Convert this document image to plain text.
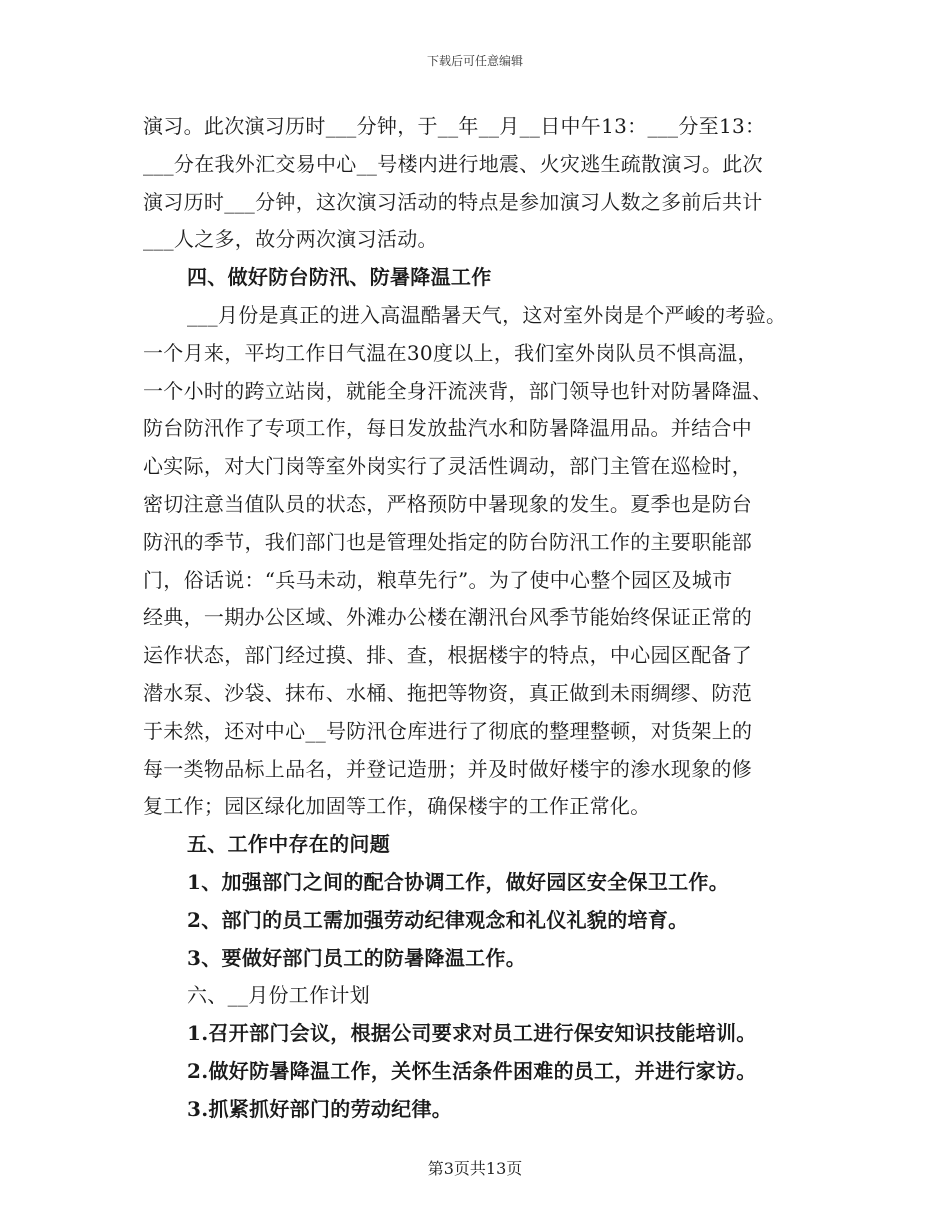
下载后可任意编辑
演习。此次演习历时___分钟，于__年__月__日中午13：___分至13：
___分在我外汇交易中心__号楼内进行地震、火灾逃生疏散演习。此次
演习历时___分钟，这次演习活动的特点是参加演习人数之多前后共计
___人之多，故分两次演习活动。
四、做好防台防汛、防暑降温工作
___月份是真正的进入高温酷暑天气，这对室外岗是个严峻的考验。
一个月来，平均工作日气温在30度以上，我们室外岗队员不惧高温，
一个小时的跨立站岗，就能全身汗流浃背，部门领导也针对防暑降温、
防台防汛作了专项工作，每日发放盐汽水和防暑降温用品。并结合中
心实际，对大门岗等室外岗实行了灵活性调动，部门主管在巡检时，
密切注意当值队员的状态，严格预防中暑现象的发生。夏季也是防台
防汛的季节，我们部门也是管理处指定的防台防汛工作的主要职能部
门，俗话说：“兵马未动，粮草先行”。为了使中心整个园区及城市
经典，一期办公区域、外滩办公楼在潮汛台风季节能始终保证正常的
运作状态，部门经过摸、排、查，根据楼宇的特点，中心园区配备了
潜水泵、沙袋、抹布、水桶、拖把等物资，真正做到未雨绸缪、防范
于未然，还对中心__号防汛仓库进行了彻底的整理整顿，对货架上的
每一类物品标上品名，并登记造册；并及时做好楼宇的渗水现象的修
复工作；园区绿化加固等工作，确保楼宇的工作正常化。
五、工作中存在的问题
1、加强部门之间的配合协调工作，做好园区安全保卫工作。
2、部门的员工需加强劳动纪律观念和礼仪礼貌的培育。
3、要做好部门员工的防暑降温工作。
六、__月份工作计划
1.召开部门会议，根据公司要求对员工进行保安知识技能培训。
2.做好防暑降温工作，关怀生活条件困难的员工，并进行家访。
3.抓紧抓好部门的劳动纪律。
第3页共13页
